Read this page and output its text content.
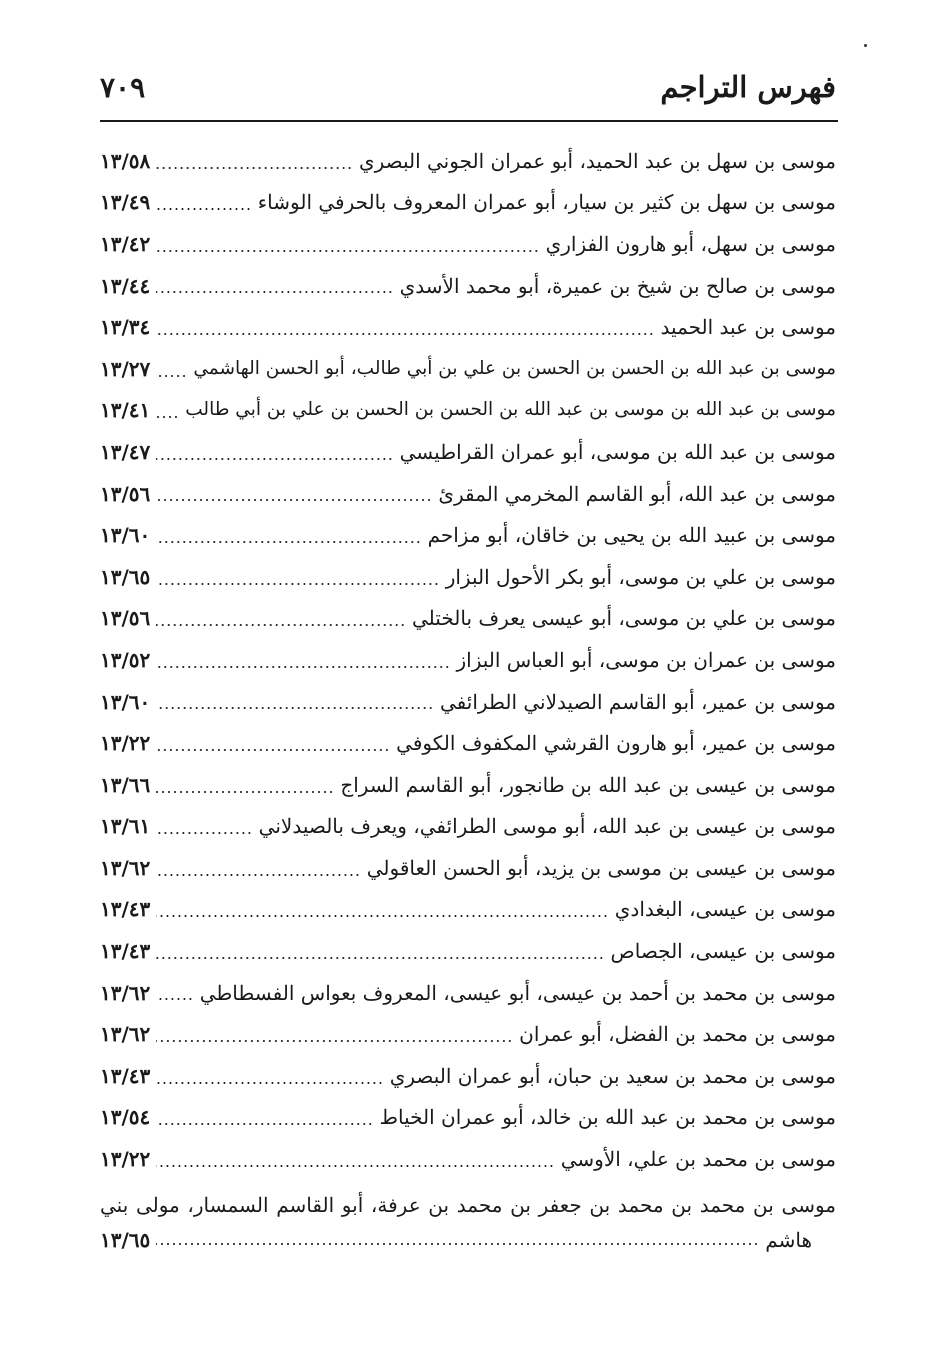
فهرس التراجم
٧٠٩
موسى بن سهل بن عبد الحميد، أبو عمران الجوني البصري
١٣/٥٨
موسى بن سهل بن كثير بن سيار، أبو عمران المعروف بالحرفي الوشاء
١٣/٤٩
موسى بن سهل، أبو هارون الفزاري
١٣/٤٢
موسى بن صالح بن شيخ بن عميرة، أبو محمد الأسدي
١٣/٤٤
موسى بن عبد الحميد
١٣/٣٤
موسى بن عبد الله بن الحسن بن الحسن بن علي بن أبي طالب، أبو الحسن الهاشمي
١٣/٢٧
موسى بن عبد الله بن موسى بن عبد الله بن الحسن بن الحسن بن علي بن أبي طالب
١٣/٤١
موسى بن عبد الله بن موسى، أبو عمران القراطيسي
١٣/٤٧
موسى بن عبد الله، أبو القاسم المخرمي المقرئ
١٣/٥٦
موسى بن عبيد الله بن يحيى بن خاقان، أبو مزاحم
١٣/٦٠
موسى بن علي بن موسى، أبو بكر الأحول البزار
١٣/٦٥
موسى بن علي بن موسى، أبو عيسى يعرف بالختلي
١٣/٥٦
موسى بن عمران بن موسى، أبو العباس البزاز
١٣/٥٢
موسى بن عمير، أبو القاسم الصيدلاني الطرائفي
١٣/٦٠
موسى بن عمير، أبو هارون القرشي المكفوف الكوفي
١٣/٢٢
موسى بن عيسى بن عبد الله بن طانجور، أبو القاسم السراج
١٣/٦٦
موسى بن عيسى بن عبد الله، أبو موسى الطرائفي، ويعرف بالصيدلاني
١٣/٦١
موسى بن عيسى بن موسى بن يزيد، أبو الحسن العاقولي
١٣/٦٢
موسى بن عيسى، البغدادي
١٣/٤٣
موسى بن عيسى، الجصاص
١٣/٤٣
موسى بن محمد بن أحمد بن عيسى، أبو عيسى، المعروف بعواس الفسطاطي
١٣/٦٢
موسى بن محمد بن الفضل، أبو عمران
١٣/٦٢
موسى بن محمد بن سعيد بن حبان، أبو عمران البصري
١٣/٤٣
موسى بن محمد بن عبد الله بن خالد، أبو عمران الخياط
١٣/٥٤
موسى بن محمد بن علي، الأوسي
١٣/٢٢
موسى بن محمد بن محمد بن جعفر بن محمد بن عرفة، أبو القاسم السمسار، مولى بني
هاشم
١٣/٦٥
